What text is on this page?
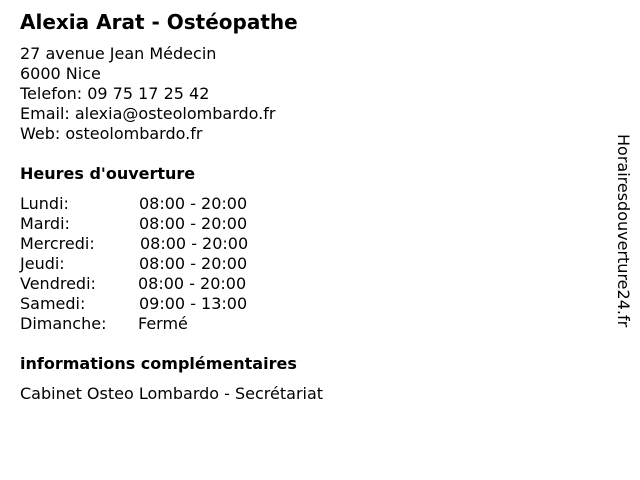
Alexia Arat - Ostéopathe
27 avenue Jean Médecin
6000 Nice
Telefon: 09 75 17 25 42
Email: alexia@osteolombardo.fr
Web: osteolombardo.fr
Heures d'ouverture
Lundi:	08:00 - 20:00
Mardi:	08:00 - 20:00
Mercredi:	08:00 - 20:00
Jeudi:	08:00 - 20:00
Vendredi:	08:00 - 20:00
Samedi:	09:00 - 13:00
Dimanche: Fermé
informations complémentaires
Cabinet Osteo Lombardo - Secrétariat
Horairesdouverture24.fr
